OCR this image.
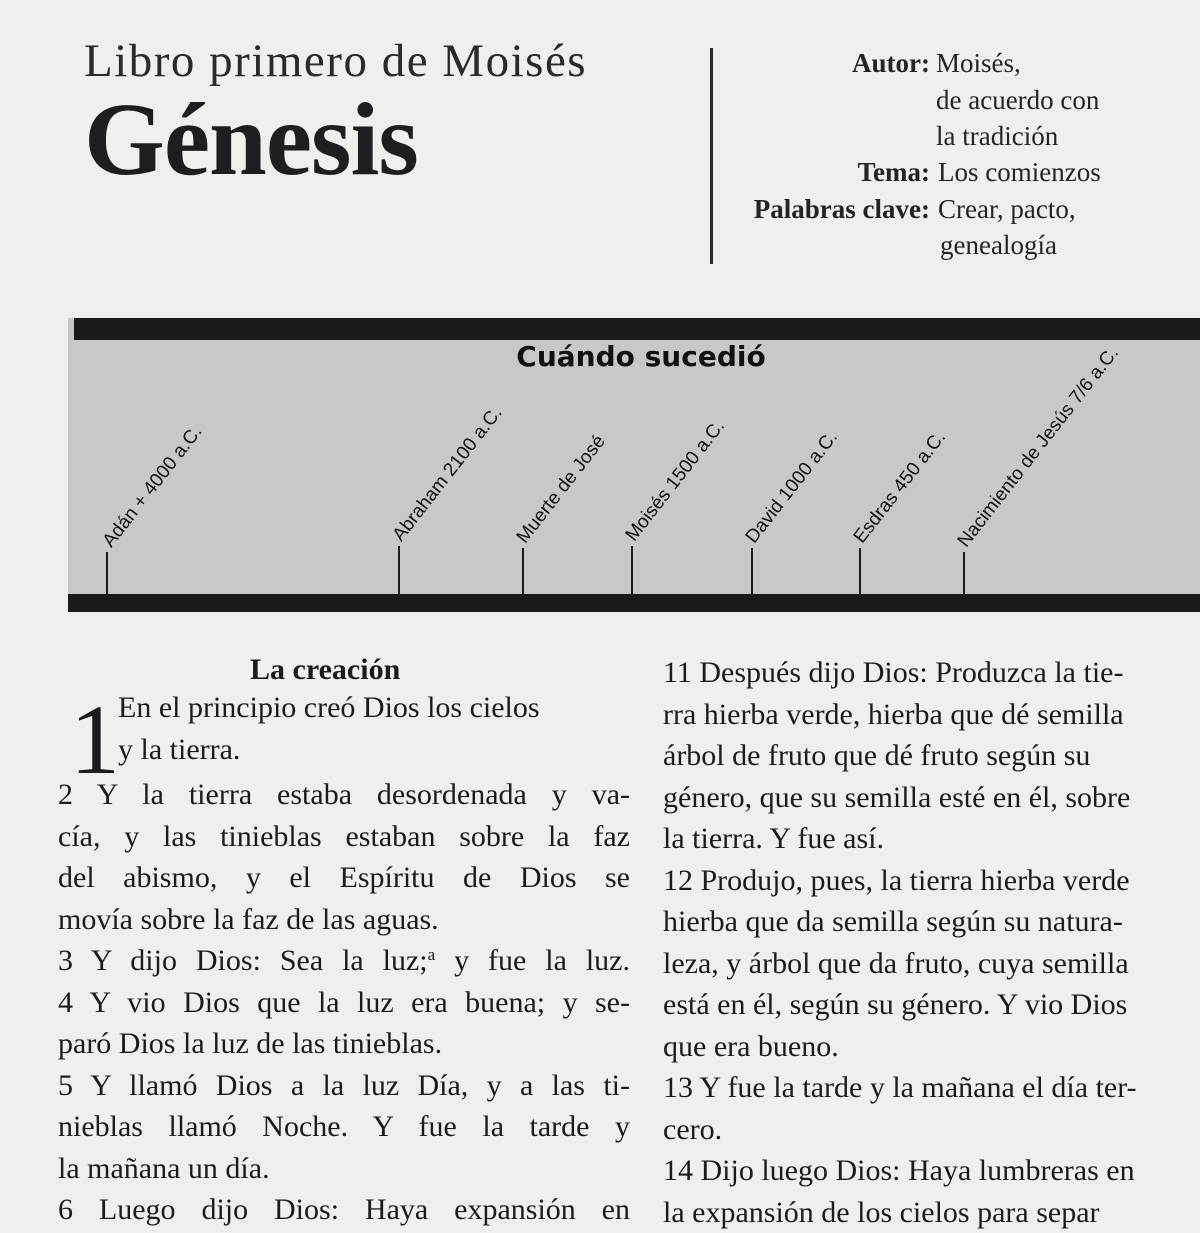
Libro primero de Moisés
Génesis
Autor: Moisés,
de acuerdo con
la tradición
Tema: Los comienzos
Palabras clave: Crear, pacto,
genealogía
Cuándo sucedió
Adán + 4000 a.C.	Abraham 2100 a.C. Muerte de José Moisés 1500 a.C. David 1000 a.C. Esdras 450 a.C. Nacimiento de Jesús 7/6 a.C.
La creación
1
En el principio creó Dios los cielos
y la tierra.
2 Y la tierra estaba desordenada y va-
cía, y las tinieblas estaban sobre la faz
del abismo, y el Espíritu de Dios se
movía sobre la faz de las aguas.
3 Y dijo Dios: Sea la luz;$^a$ y fue la luz.
4 Y vio Dios que la luz era buena; y se-
paró Dios la luz de las tinieblas.
5 Y llamó Dios a la luz Día, y a las ti-
nieblas llamó Noche. Y fue la tarde y
la mañana un día.
6 Luego dijo Dios: Haya expansión en
11 Después dijo Dios: Produzca la tie-
rra hierba verde, hierba que dé semilla
árbol de fruto que dé fruto según su
género, que su semilla esté en él, sobre
la tierra. Y fue así.
12 Produjo, pues, la tierra hierba verde
hierba que da semilla según su natura-
leza, y árbol que da fruto, cuya semilla
está en él, según su género. Y vio Dios
que era bueno.
13 Y fue la tarde y la mañana el día ter-
cero.
14 Dijo luego Dios: Haya lumbreras en
la expansión de los cielos para separ
